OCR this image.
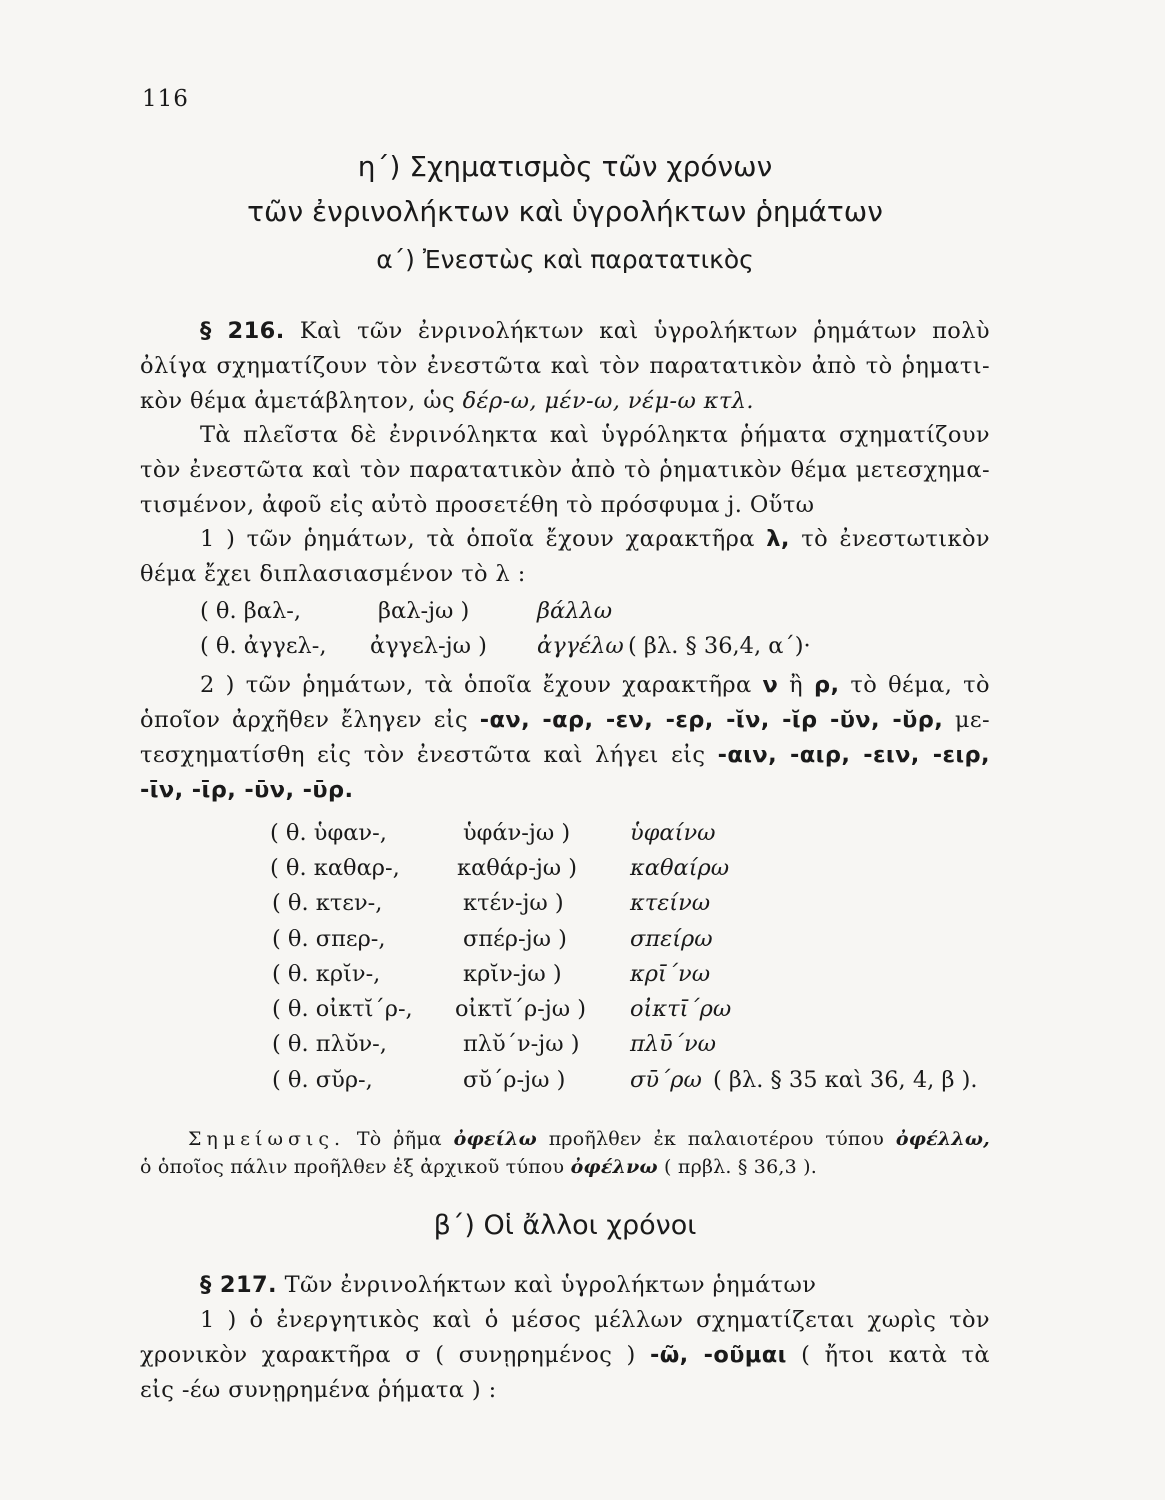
116
η΄) Σχηματισμὸς τῶν χρόνων
τῶν ἐνρινολήκτων καὶ ὑγρολήκτων ῥημάτων
α΄) Ἐνεστὼς καὶ παρατατικὸς
§ 216. Καὶ τῶν ἐνρινολήκτων καὶ ὑγρολήκτων ῥημάτων πολὺ
ὀλίγα σχηματίζουν τὸν ἐνεστῶτα καὶ τὸν παρατατικὸν ἀπὸ τὸ ῥηματι-
κὸν θέμα ἀμετάβλητον, ὡς δέρ-ω, μέν-ω, νέμ-ω κτλ.
Τὰ πλεῖστα δὲ ἐνρινόληκτα καὶ ὑγρόληκτα ῥήματα σχηματίζουν
τὸν ἐνεστῶτα καὶ τὸν παρατατικὸν ἀπὸ τὸ ῥηματικὸν θέμα μετεσχημα-
τισμένον, ἀφοῦ εἰς αὐτὸ προσετέθη τὸ πρόσφυμα j. Οὕτω
1 ) τῶν ῥημάτων, τὰ ὁποῖα ἔχουν χαρακτῆρα λ, τὸ ἐνεστωτικὸν
θέμα ἔχει διπλασιασμένον τὸ λ :
( θ. βαλ-,	βαλ-jω )	βάλλω
( θ. ἀγγελ-, ἀγγελ-jω ) ἀγγέλω ( βλ. § 36,4, α΄)·
2 ) τῶν ῥημάτων, τὰ ὁποῖα ἔχουν χαρακτῆρα ν ἢ ρ, τὸ θέμα, τὸ
ὁποῖον ἀρχῆθεν ἔληγεν εἰς -αν, -αρ, -εν, -ερ, -ῐν, -ῐρ -ῠν, -ῠρ, με-
τεσχηματίσθη εἰς τὸν ἐνεστῶτα καὶ λήγει εἰς -αιν, -αιρ, -ειν, -ειρ,
-ῑν, -ῑρ, -ῡν, -ῡρ.
( θ. ὑφαν-,	ὑφάν-jω )	ὑφαίνω
( θ. καθαρ-,	καθάρ-jω ) καθαίρω
( θ. κτεν-,	κτέν-jω )	κτείνω
( θ. σπερ-,	σπέρ-jω )	σπείρω
( θ. κρῐν-,	κρῐν-jω )	κρῑ΄νω
( θ. οἰκτῐ΄ρ-, οἰκτῐ΄ρ-jω ) οἰκτῑ΄ρω
( θ. πλῠν-,	πλῠ΄ν-jω ) πλῡ΄νω
( θ. σῠρ-,	σῠ΄ρ-jω )	σῡ΄ρω ( βλ. § 35 καὶ 36, 4, β ).
Σημείωσις. Τὸ ῥῆμα ὀφείλω προῆλθεν ἐκ παλαιοτέρου τύπου ὀφέλλω,
ὁ ὁποῖος πάλιν προῆλθεν ἐξ ἀρχικοῦ τύπου ὀφέλνω ( πρβλ. § 36,3 ).
β΄) Οἱ ἄλλοι χρόνοι
§ 217. Τῶν ἐνρινολήκτων καὶ ὑγρολήκτων ῥημάτων
1 ) ὁ ἐνεργητικὸς καὶ ὁ μέσος μέλλων σχηματίζεται χωρὶς τὸν
χρονικὸν χαρακτῆρα σ ( συνῃρημένος ) -ῶ, -οῦμαι ( ἤτοι κατὰ τὰ
εἰς -έω συνῃρημένα ῥήματα ) :
